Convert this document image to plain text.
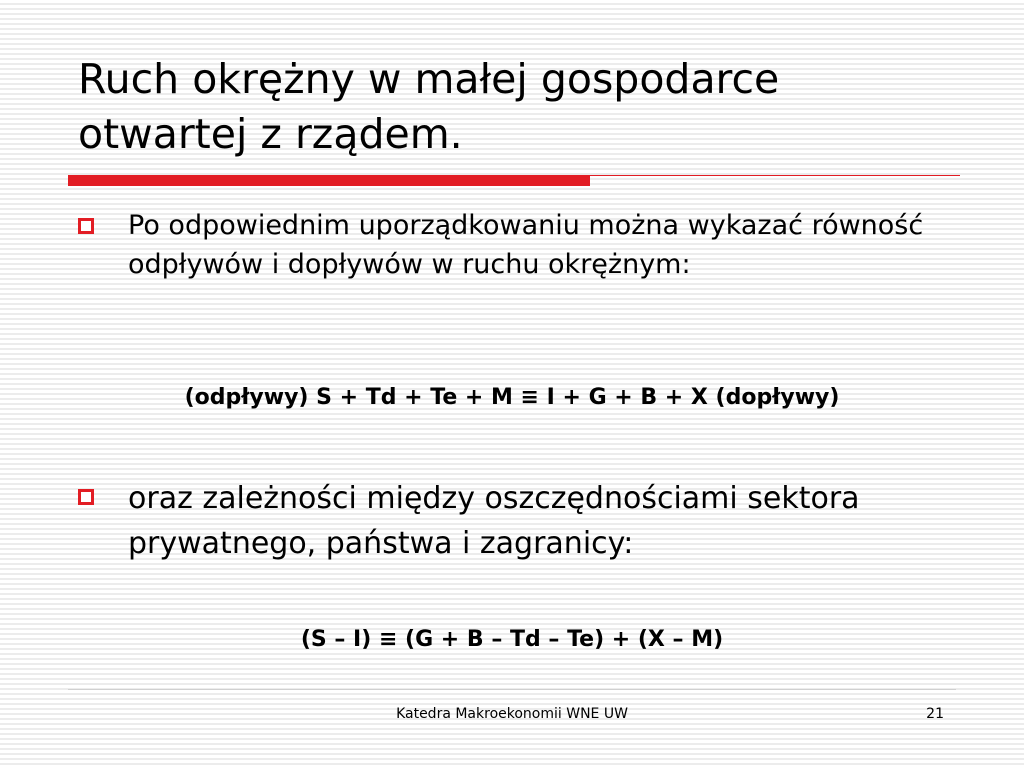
Ruch okrężny w małej gospodarce otwartej z rządem.
Po odpowiednim uporządkowaniu można wykazać równość odpływów i dopływów w ruchu okrężnym:
(odpływy) S + Td + Te + M ≡ I + G + B + X (dopływy)
oraz zależności między oszczędnościami sektora prywatnego, państwa i zagranicy:
(S – I) ≡ (G + B – Td – Te) + (X – M)
Katedra Makroekonomii WNE UW	21
